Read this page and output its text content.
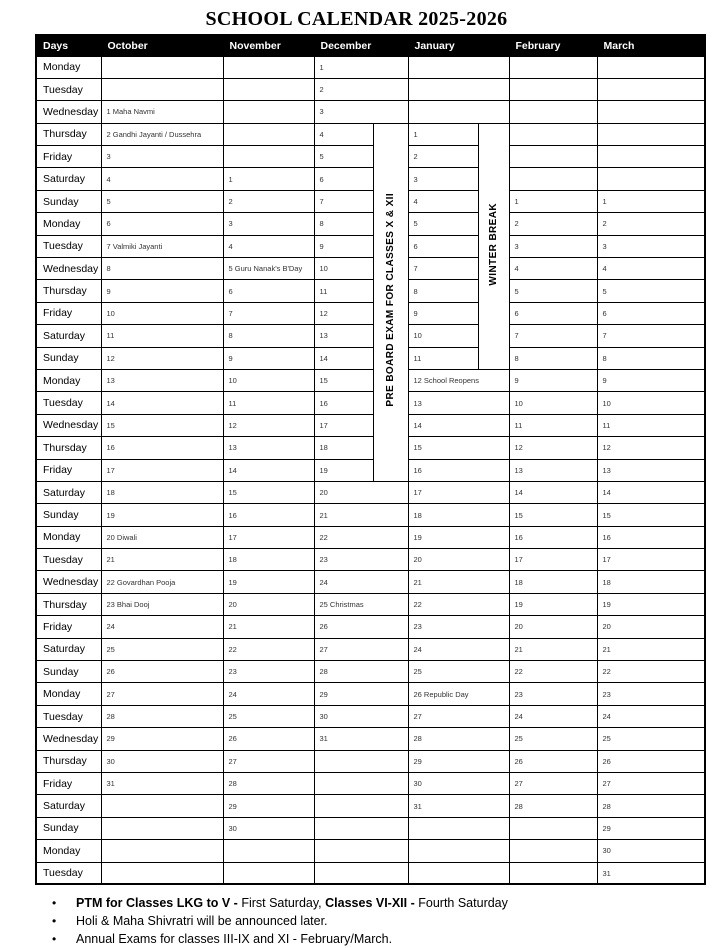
SCHOOL CALENDAR 2025-2026
Days	October	November	December		January		February	March
Monday			1					
Tuesday			2					
Wednesday	1 Maha Navmi		3					
Thursday	2 Gandhi Jayanti / Dussehra		4	PRE BOARD EXAM FOR CLASSES X & XII	1	WINTER BREAK		
Friday	3		5		2			
Saturday	4	1	6		3			
Sunday	5	2	7		4		1	1
Monday	6	3	8		5		2	2
Tuesday	7 Valmiki Jayanti	4	9		6		3	3
Wednesday	8	5 Guru Nanak's B'Day	10		7		4	4
Thursday	9	6	11		8		5	5
Friday	10	7	12		9		6	6
Saturday	11	8	13		10		7	7
Sunday	12	9	14		11		8	8
Monday	13	10	15		12 School Reopens		9	9
Tuesday	14	11	16		13		10	10
Wednesday	15	12	17		14		11	11
Thursday	16	13	18		15		12	12
Friday	17	14	19		16		13	13
Saturday	18	15	20		17		14	14
Sunday	19	16	21		18		15	15
Monday	20 Diwali	17	22		19		16	16
Tuesday	21	18	23		20		17	17
Wednesday	22 Govardhan Pooja	19	24		21		18	18
Thursday	23 Bhai Dooj	20	25 Christmas		22		19	19
Friday	24	21	26		23		20	20
Saturday	25	22	27		24		21	21
Sunday	26	23	28		25		22	22
Monday	27	24	29		26 Republic Day		23	23
Tuesday	28	25	30		27		24	24
Wednesday	29	26	31		28		25	25
Thursday	30	27			29		26	26
Friday	31	28			30		27	27
Saturday		29			31		28	28
Sunday		30						29
Monday								30
Tuesday								31
•	PTM for Classes LKG to V - First Saturday, Classes VI-XII - Fourth Saturday
•	Holi & Maha Shivratri will be announced later.
•	Annual Exams for classes III-IX and XI - February/March.
